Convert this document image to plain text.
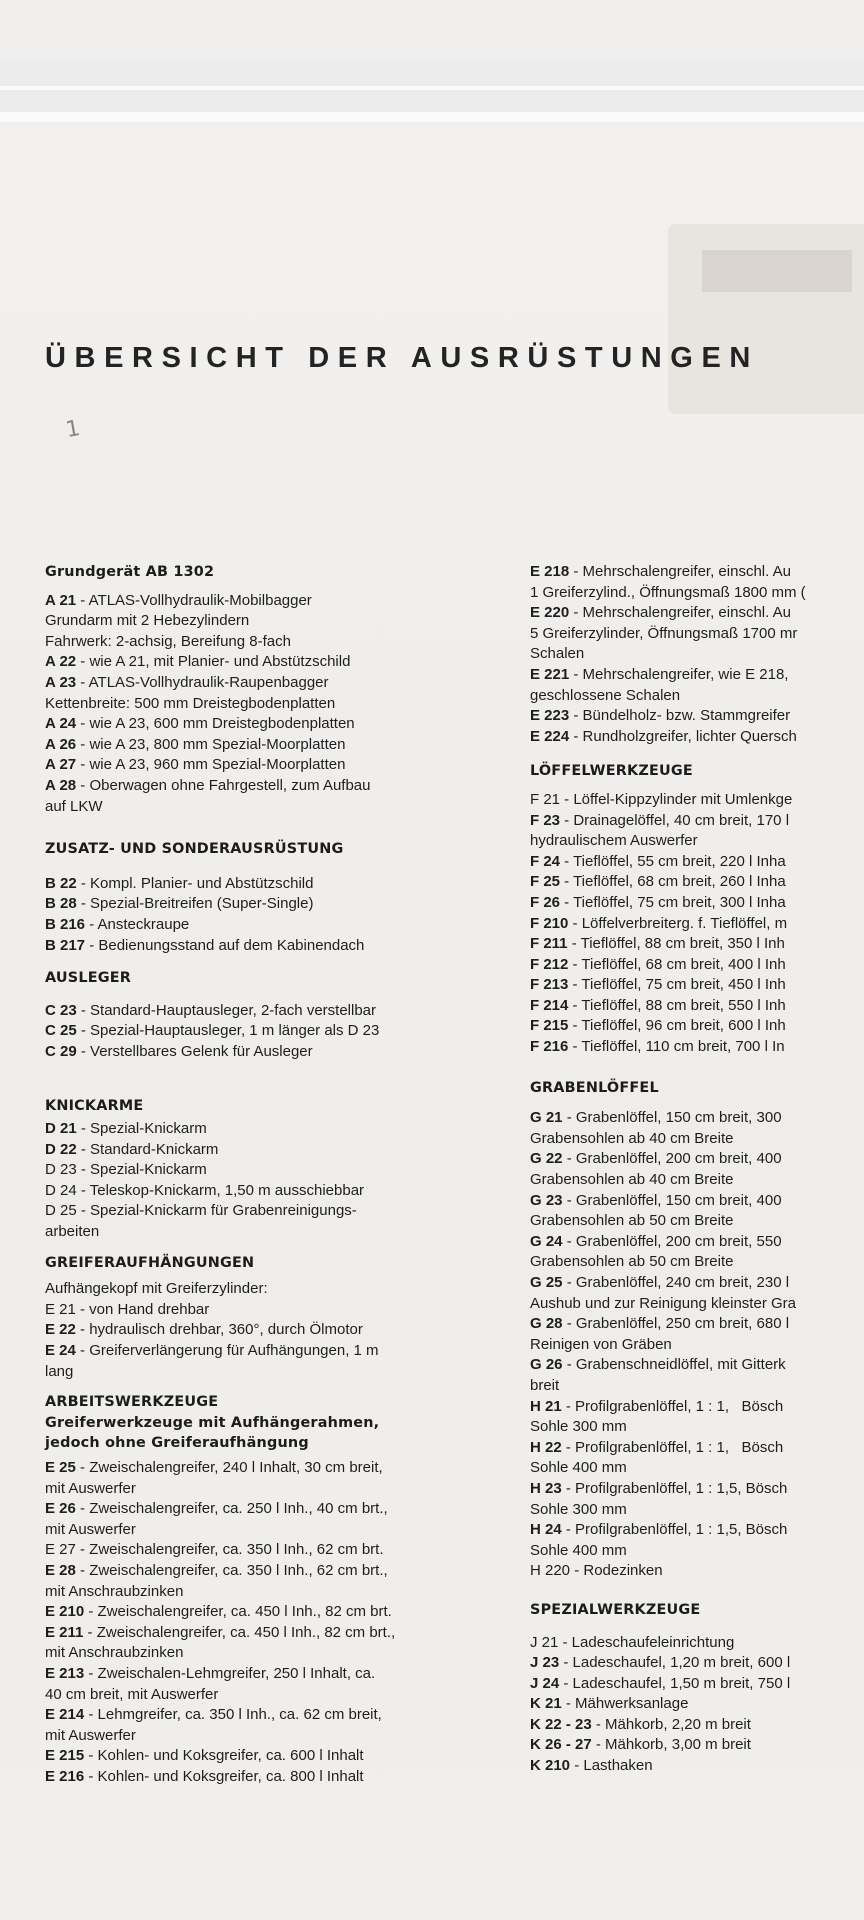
ÜBERSICHT DER AUSRÜSTUNGEN
1
Grundgerät AB 1302
A 21 - ATLAS-Vollhydraulik-Mobilbagger
Grundarm mit 2 Hebezylindern
Fahrwerk: 2-achsig, Bereifung 8-fach
A 22 - wie A 21, mit Planier- und Abstützschild
A 23 - ATLAS-Vollhydraulik-Raupenbagger
Kettenbreite: 500 mm Dreistegbodenplatten
A 24 - wie A 23, 600 mm Dreistegbodenplatten
A 26 - wie A 23, 800 mm Spezial-Moorplatten
A 27 - wie A 23, 960 mm Spezial-Moorplatten
A 28 - Oberwagen ohne Fahrgestell, zum Aufbau
auf LKW
ZUSATZ- UND SONDERAUSRÜSTUNG
B 22 - Kompl. Planier- und Abstützschild
B 28 - Spezial-Breitreifen (Super-Single)
B 216 - Ansteckraupe
B 217 - Bedienungsstand auf dem Kabinendach
AUSLEGER
C 23 - Standard-Hauptausleger, 2-fach verstellbar
C 25 - Spezial-Hauptausleger, 1 m länger als D 23
C 29 - Verstellbares Gelenk für Ausleger
KNICKARME
D 21 - Spezial-Knickarm
D 22 - Standard-Knickarm
D 23 - Spezial-Knickarm
D 24 - Teleskop-Knickarm, 1,50 m ausschiebbar
D 25 - Spezial-Knickarm für Grabenreinigungs-
arbeiten
GREIFERAUFHÄNGUNGEN
Aufhängekopf mit Greiferzylinder:
E 21 - von Hand drehbar
E 22 - hydraulisch drehbar, 360°, durch Ölmotor
E 24 - Greiferverlängerung für Aufhängungen, 1 m
lang
ARBEITSWERKZEUGE
Greiferwerkzeuge mit Aufhängerahmen,
jedoch ohne Greiferaufhängung
E 25 - Zweischalengreifer, 240 l Inhalt, 30 cm breit,
mit Auswerfer
E 26 - Zweischalengreifer, ca. 250 l Inh., 40 cm brt.,
mit Auswerfer
E 27 - Zweischalengreifer, ca. 350 l Inh., 62 cm brt.
E 28 - Zweischalengreifer, ca. 350 l Inh., 62 cm brt.,
mit Anschraubzinken
E 210 - Zweischalengreifer, ca. 450 l Inh., 82 cm brt.
E 211 - Zweischalengreifer, ca. 450 l Inh., 82 cm brt.,
mit Anschraubzinken
E 213 - Zweischalen-Lehmgreifer, 250 l Inhalt, ca.
40 cm breit, mit Auswerfer
E 214 - Lehmgreifer, ca. 350 l Inh., ca. 62 cm breit,
mit Auswerfer
E 215 - Kohlen- und Koksgreifer, ca. 600 l Inhalt
E 216 - Kohlen- und Koksgreifer, ca. 800 l Inhalt
E 218 - Mehrschalengreifer, einschl. Au
1 Greiferzylind., Öffnungsmaß 1800 mm (
E 220 - Mehrschalengreifer, einschl. Au
5 Greiferzylinder, Öffnungsmaß 1700 mr
Schalen
E 221 - Mehrschalengreifer, wie E 218,
geschlossene Schalen
E 223 - Bündelholz- bzw. Stammgreifer
E 224 - Rundholzgreifer, lichter Quersch
LÖFFELWERKZEUGE
F 21 - Löffel-Kippzylinder mit Umlenkge
F 23 - Drainagelöffel, 40 cm breit, 170 l
hydraulischem Auswerfer
F 24 - Tieflöffel, 55 cm breit, 220 l Inha
F 25 - Tieflöffel, 68 cm breit, 260 l Inha
F 26 - Tieflöffel, 75 cm breit, 300 l Inha
F 210 - Löffelverbreiterg. f. Tieflöffel, m
F 211 - Tieflöffel, 88 cm breit, 350 l Inh
F 212 - Tieflöffel, 68 cm breit, 400 l Inh
F 213 - Tieflöffel, 75 cm breit, 450 l Inh
F 214 - Tieflöffel, 88 cm breit, 550 l Inh
F 215 - Tieflöffel, 96 cm breit, 600 l Inh
F 216 - Tieflöffel, 110 cm breit, 700 l In
GRABENLÖFFEL
G 21 - Grabenlöffel, 150 cm breit, 300
Grabensohlen ab 40 cm Breite
G 22 - Grabenlöffel, 200 cm breit, 400
Grabensohlen ab 40 cm Breite
G 23 - Grabenlöffel, 150 cm breit, 400
Grabensohlen ab 50 cm Breite
G 24 - Grabenlöffel, 200 cm breit, 550
Grabensohlen ab 50 cm Breite
G 25 - Grabenlöffel, 240 cm breit, 230 l
Aushub und zur Reinigung kleinster Gra
G 28 - Grabenlöffel, 250 cm breit, 680 l
Reinigen von Gräben
G 26 - Grabenschneidlöffel, mit Gitterk
breit
H 21 - Profilgrabenlöffel, 1 : 1,   Bösch
Sohle 300 mm
H 22 - Profilgrabenlöffel, 1 : 1,   Bösch
Sohle 400 mm
H 23 - Profilgrabenlöffel, 1 : 1,5, Bösch
Sohle 300 mm
H 24 - Profilgrabenlöffel, 1 : 1,5, Bösch
Sohle 400 mm
H 220 - Rodezinken
SPEZIALWERKZEUGE
J 21 - Ladeschaufeleinrichtung
J 23 - Ladeschaufel, 1,20 m breit, 600 l
J 24 - Ladeschaufel, 1,50 m breit, 750 l
K 21 - Mähwerksanlage
K 22 - 23 - Mähkorb, 2,20 m breit
K 26 - 27 - Mähkorb, 3,00 m breit
K 210 - Lasthaken
